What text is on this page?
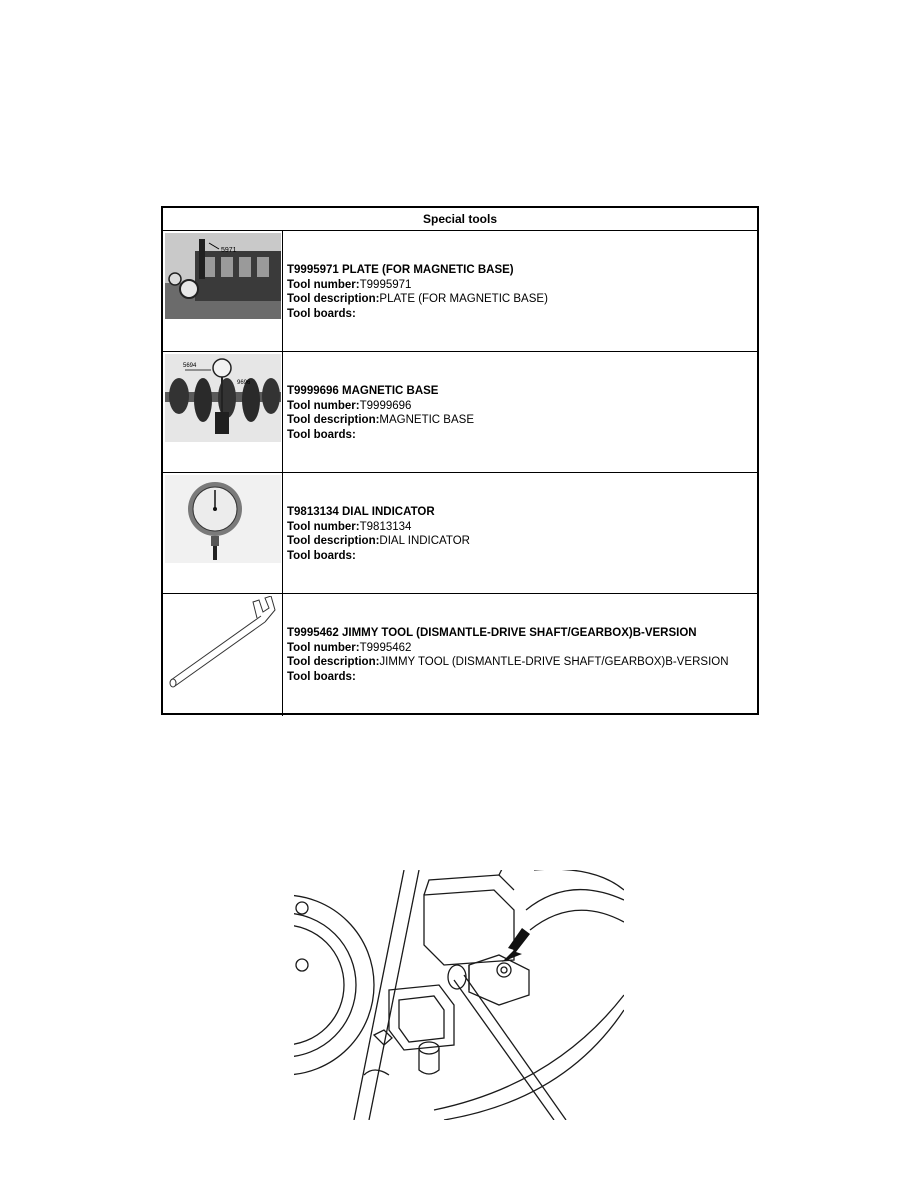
Special tools
5971
T9995971 PLATE (FOR MAGNETIC BASE)
Tool number:T9995971
Tool description:PLATE (FOR MAGNETIC BASE)
Tool boards:
5694
9696
T9999696 MAGNETIC BASE
Tool number:T9999696
Tool description:MAGNETIC BASE
Tool boards:
T9813134 DIAL INDICATOR
Tool number:T9813134
Tool description:DIAL INDICATOR
Tool boards:
T9995462 JIMMY TOOL (DISMANTLE-DRIVE SHAFT/GEARBOX)B-VERSION
Tool number:T9995462
Tool description:JIMMY TOOL (DISMANTLE-DRIVE SHAFT/GEARBOX)B-VERSION
Tool boards:
